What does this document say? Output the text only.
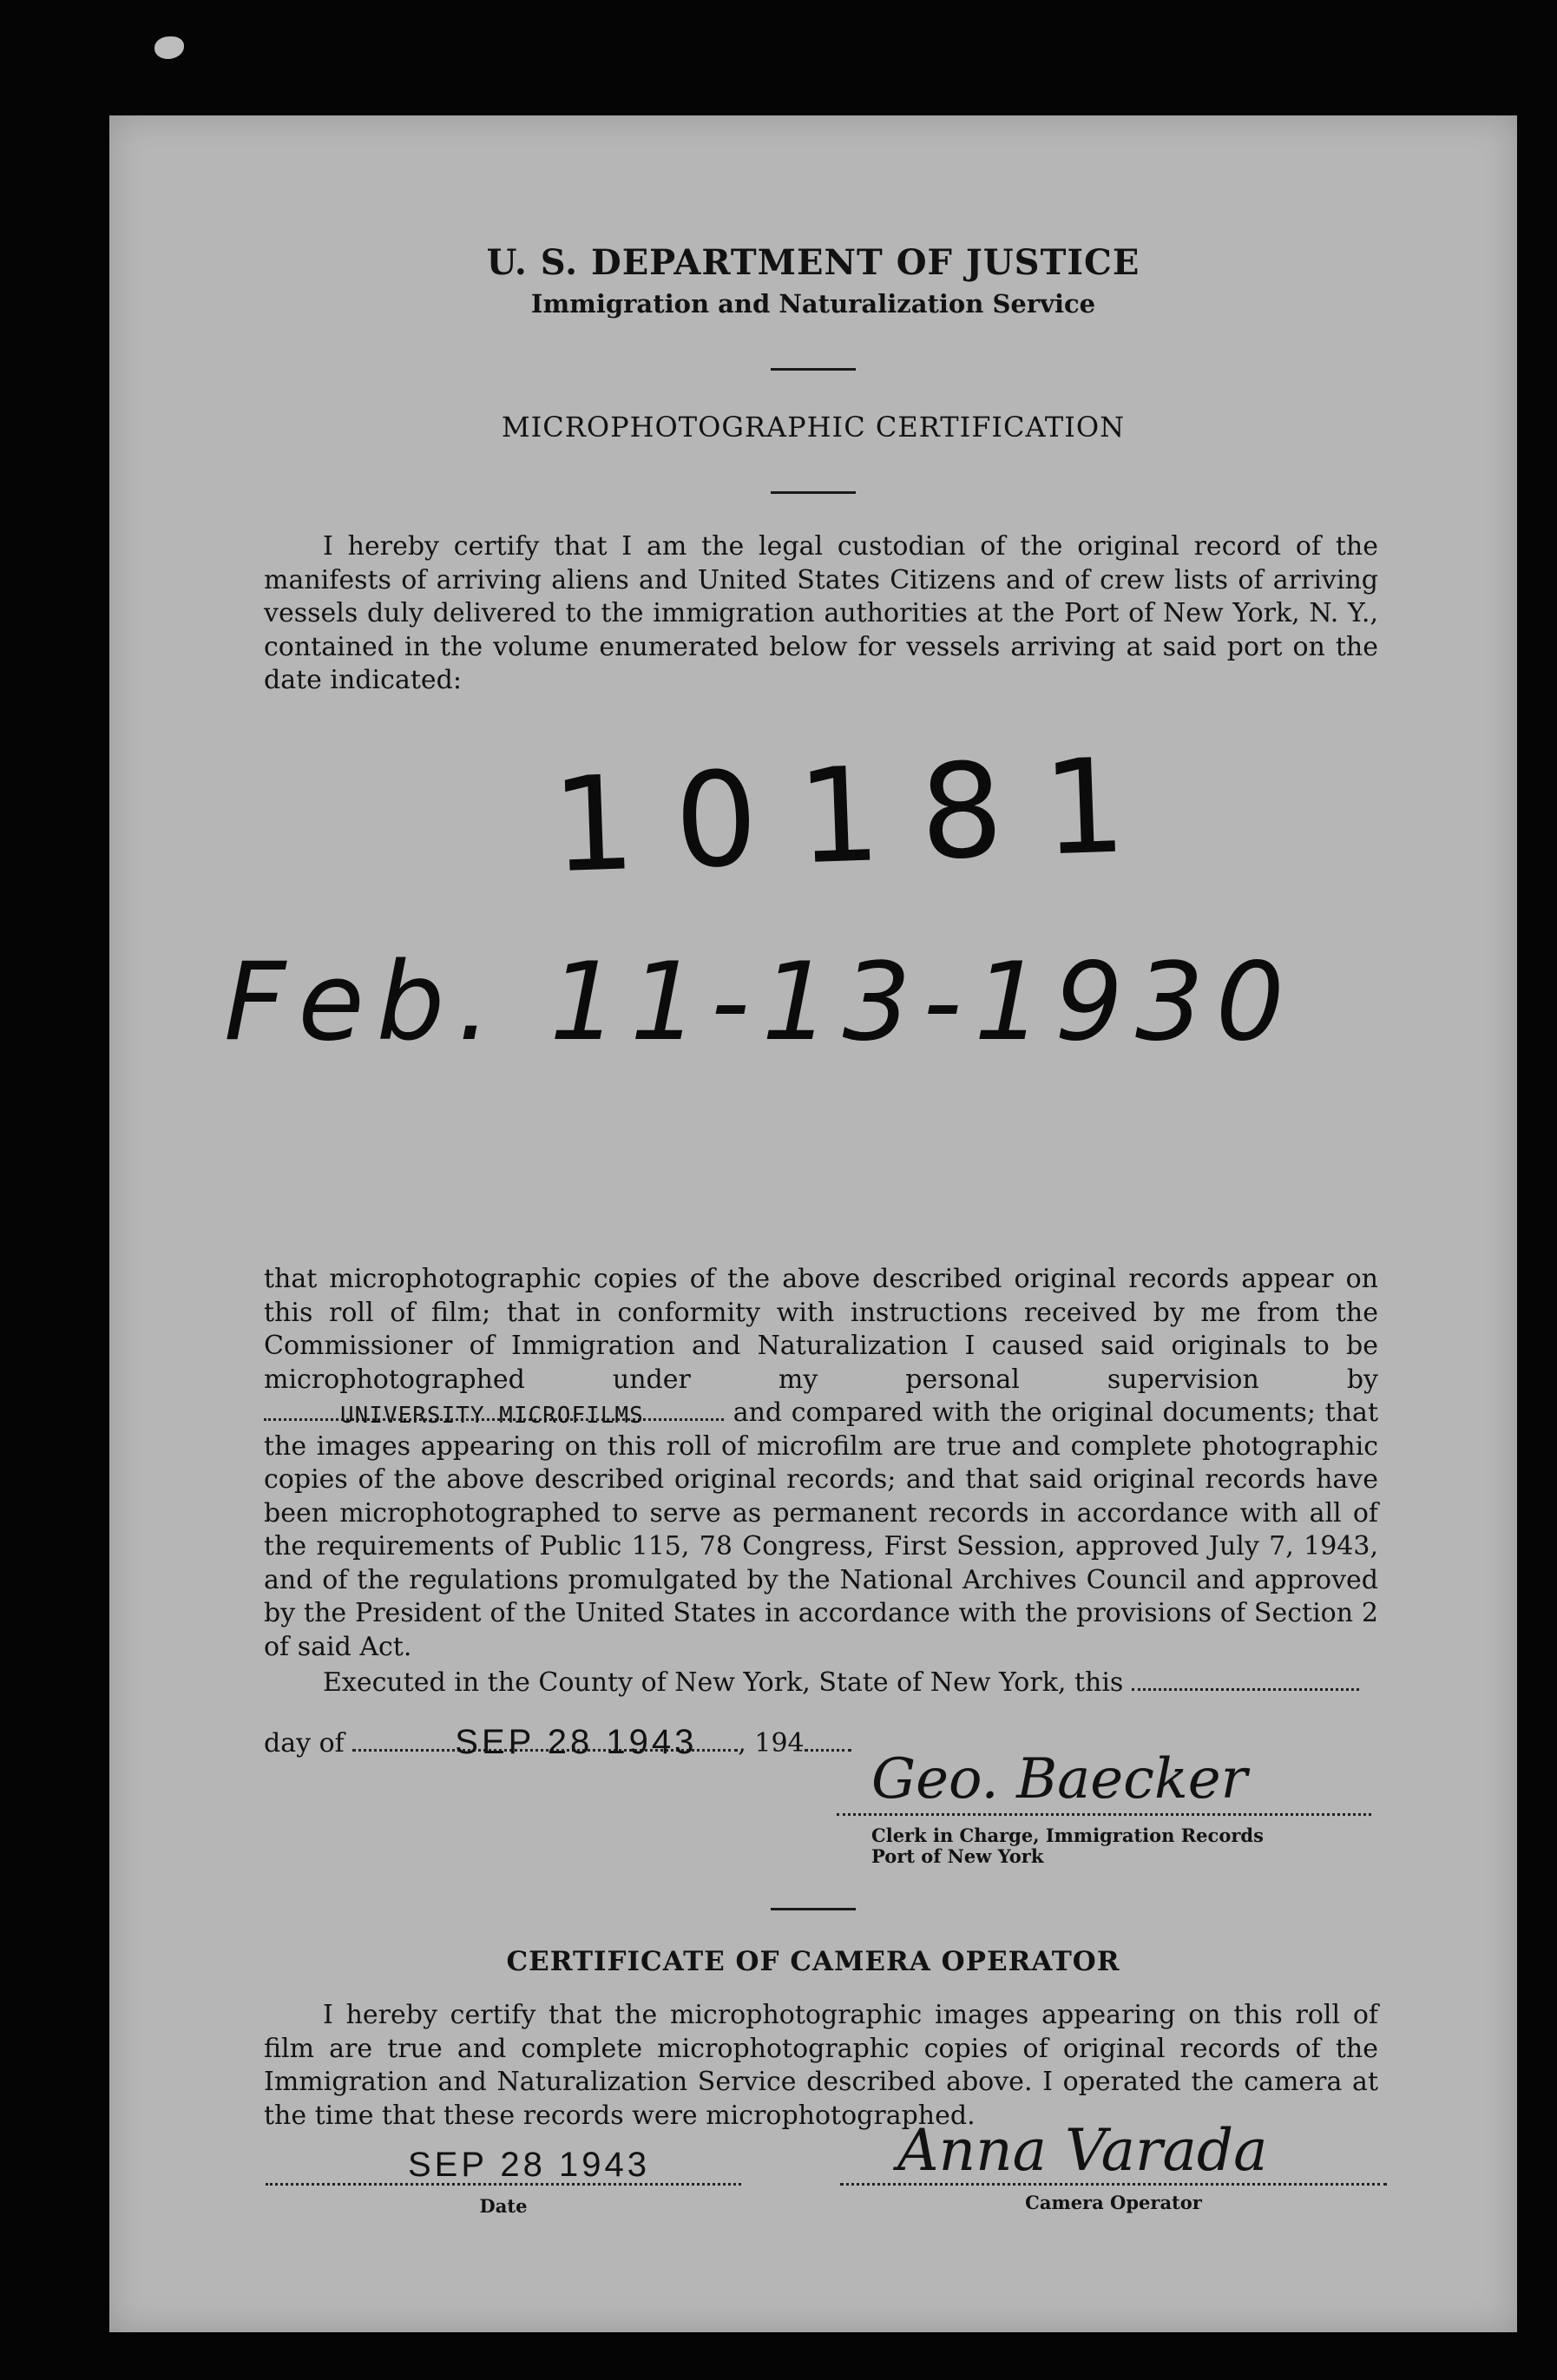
U. S. DEPARTMENT OF JUSTICE
Immigration and Naturalization Service
MICROPHOTOGRAPHIC CERTIFICATION

I hereby certify that I am the legal custodian of the original record of the manifests of arriving aliens and United States Citizens and of crew lists of arriving vessels duly delivered to the immigration authorities at the Port of New York, N. Y., contained in the volume enumerated below for vessels arriving at said port on the date indicated:

10181
Feb. 11-13-1930
that microphotographic copies of the above described original records appear on this roll of film; that in conformity with instructions received by me from the Commissioner of Immigration and Naturalization I caused said originals to be microphotographed under my personal supervision by
UNIVERSITY MICROFILMS	and compared with the original documents; that the images appearing on this roll of microfilm are true and complete photographic copies of the above described original records; and that said original records have been microphotographed to serve as permanent records in accordance with all of the requirements of Public 115, 78 Congress, First Session, approved July 7, 1943, and of the regulations promulgated by the National Archives Council and approved by the President of the United States in accordance with the provisions of Section 2 of said Act.
Executed in the County of New York, State of New York, this
day of	SEP 28 1943 , 194
Geo. Baecker
Clerk in Charge, Immigration Records
Port of New York
CERTIFICATE OF CAMERA OPERATOR

I hereby certify that the microphotographic images appearing on this roll of film are true and complete microphotographic copies of original records of the Immigration and Naturalization Service described above. I operated the camera at the time that these records were microphotographed.

SEP 28 1943
Date
Anna Varada
Camera Operator
